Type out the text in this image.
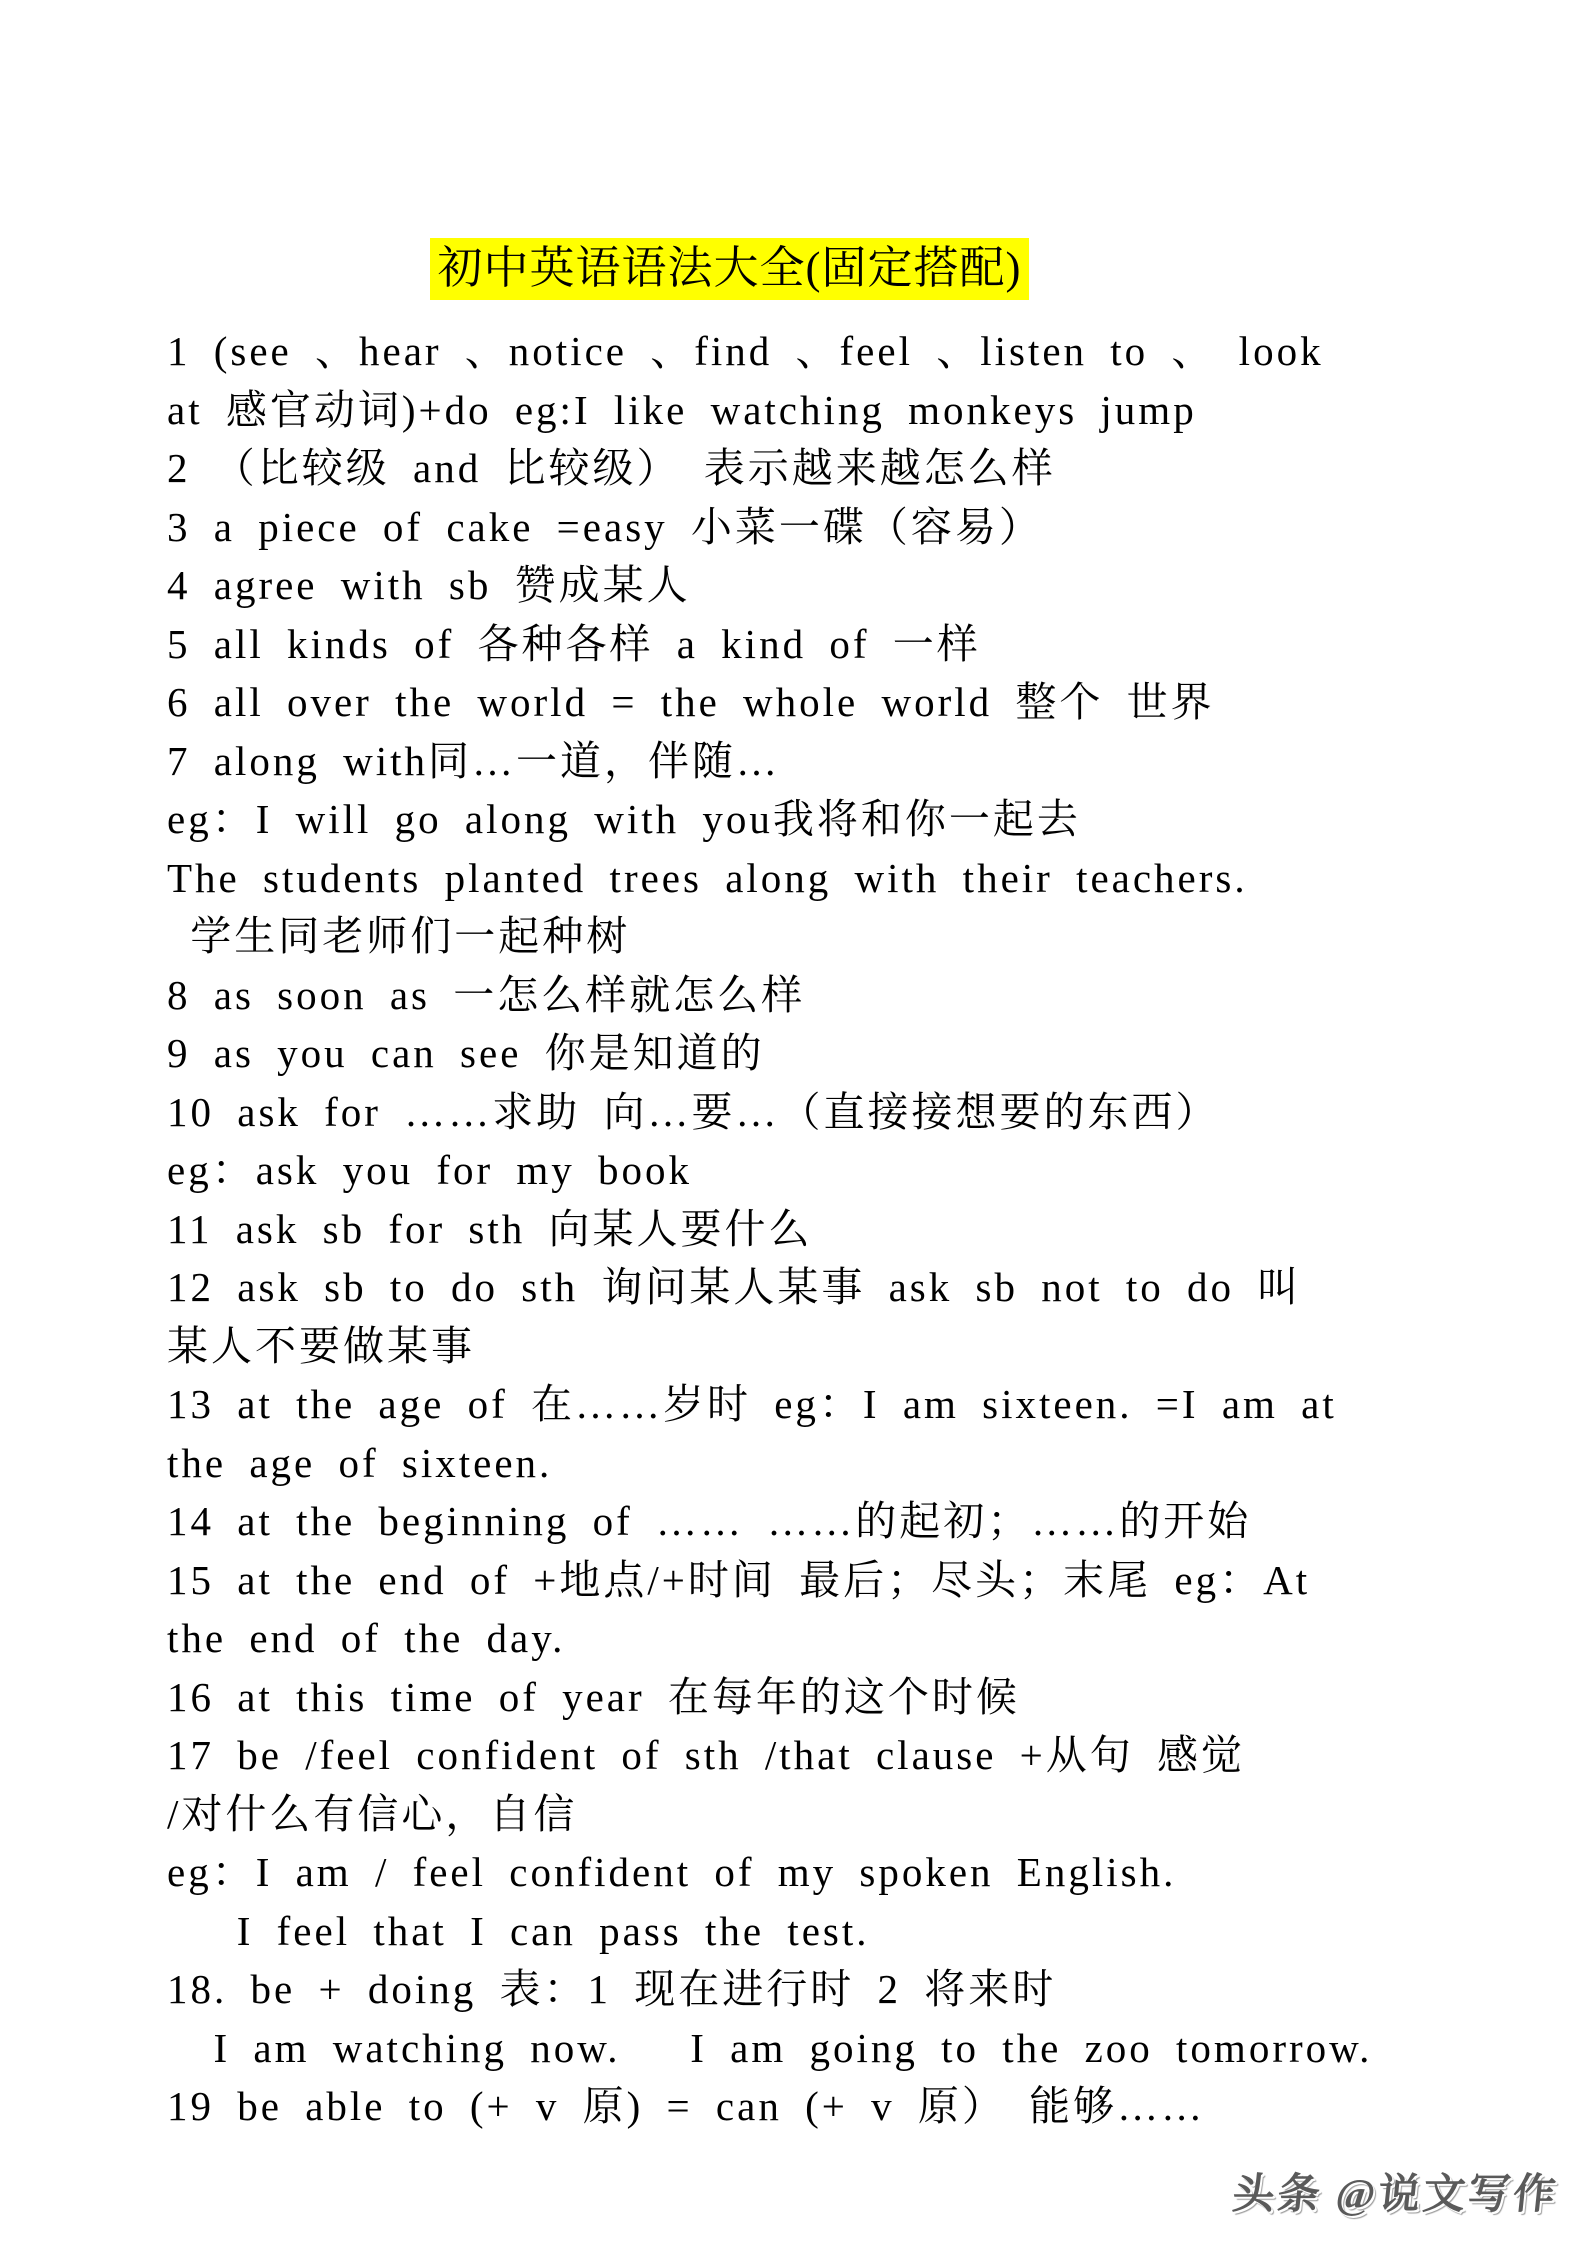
初中英语语法大全(固定搭配)
1 (see 、hear 、notice 、find 、feel 、listen to 、 look
at 感官动词)+do eg:I like watching monkeys jump
2 （比较级 and 比较级） 表示越来越怎么样
3 a piece of cake =easy 小菜一碟（容易）
4 agree with sb 赞成某人
5 all kinds of 各种各样 a kind of 一样
6 all over the world = the whole world 整个 世界
7 along with同…一道，伴随…
eg：I will go along with you我将和你一起去
The students planted trees along with their teachers.
学生同老师们一起种树
8 as soon as 一怎么样就怎么样
9 as you can see 你是知道的
10 ask for ……求助 向…要…（直接接想要的东西）
eg：ask you for my book
11 ask sb for sth 向某人要什么
12 ask sb to do sth 询问某人某事 ask sb not to do 叫
某人不要做某事
13 at the age of 在……岁时 eg：I am sixteen. =I am at
the age of sixteen.
14 at the beginning of …… ……的起初；……的开始
15 at the end of +地点/+时间 最后；尽头；末尾 eg：At
the end of the day.
16 at this time of year 在每年的这个时候
17 be /feel confident of sth /that clause +从句 感觉
/对什么有信心，自信
eg：I am / feel confident of my spoken English.
I feel that I can pass the test.
18. be + doing 表：1 现在进行时 2 将来时
I am watching now.   I am going to the zoo tomorrow.
19 be able to (+ v 原) = can (+ v 原） 能够……
头条 @说文写作
